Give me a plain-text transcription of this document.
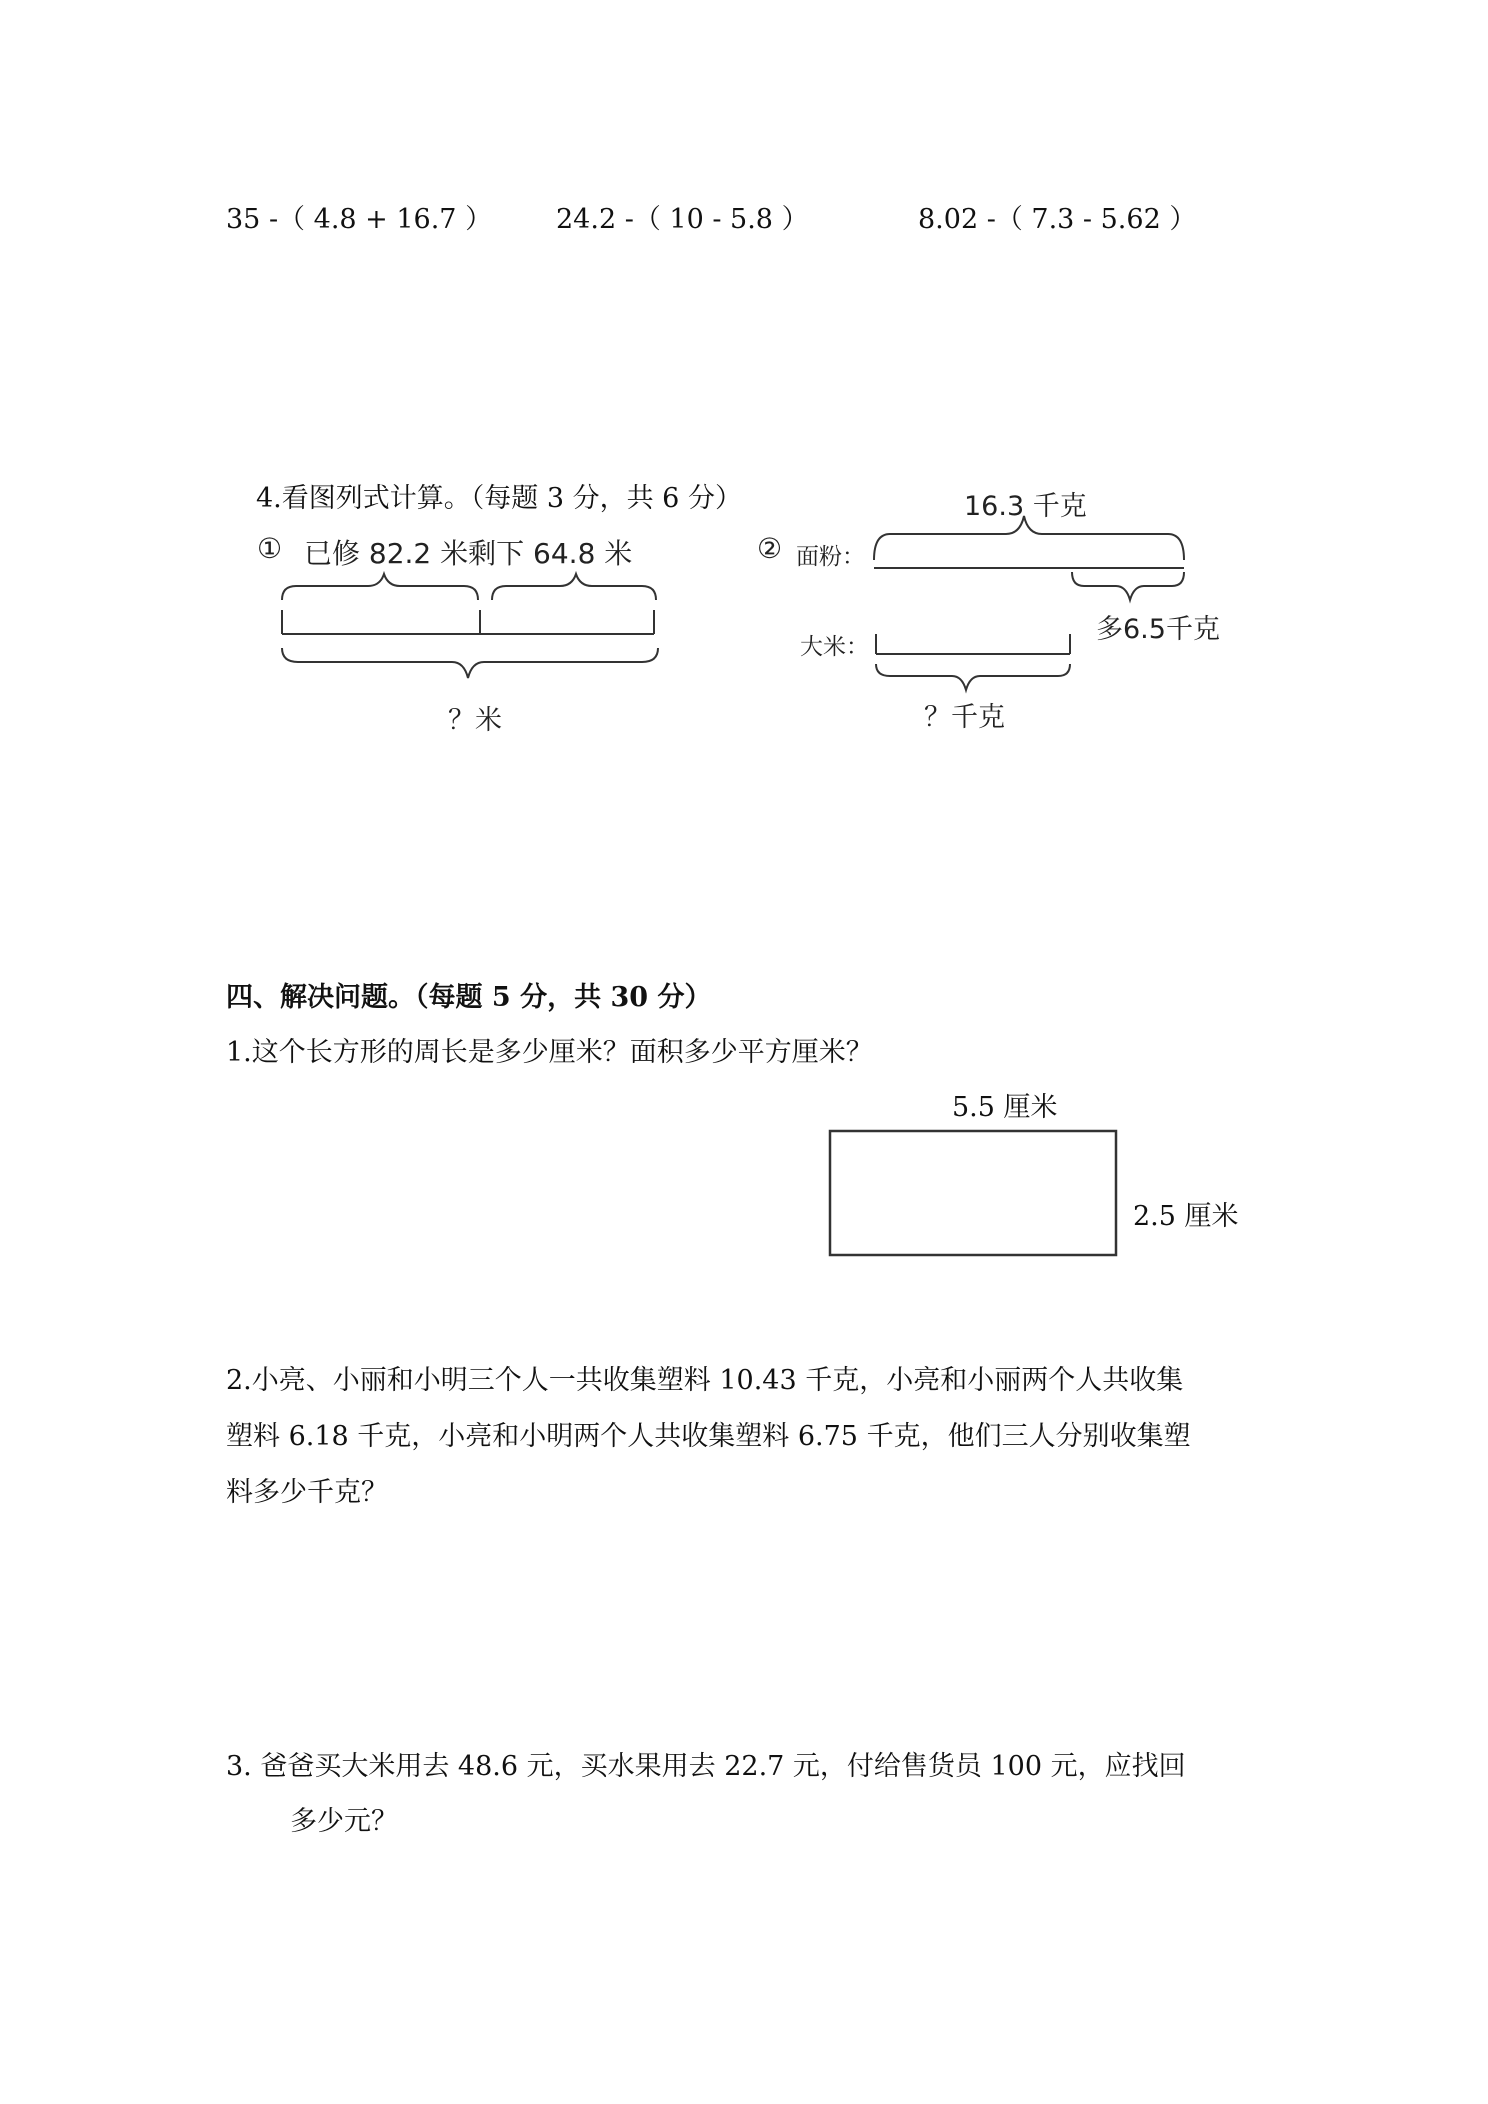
35 -（ 4.8 + 16.7 ） 24.2 -（ 10 - 5.8 ）	8.02 -（ 7.3 - 5.62 ）
4.看图列式计算。（每题 3 分，共 6 分）
① 已修 82.2 米剩下 64.8 米
？米
②
16.3 千克
面粉：
大米：
多6.5千克
？千克
四、解决问题。（每题 5 分，共 30 分）
1.这个长方形的周长是多少厘米？面积多少平方厘米？
5.5 厘米
2.5 厘米
2.小亮、小丽和小明三个人一共收集塑料 10.43 千克，小亮和小丽两个人共收集
塑料 6.18 千克，小亮和小明两个人共收集塑料 6.75 千克，他们三人分别收集塑
料多少千克？
3. 爸爸买大米用去 48.6 元，买水果用去 22.7 元，付给售货员 100 元，应找回
多少元？
